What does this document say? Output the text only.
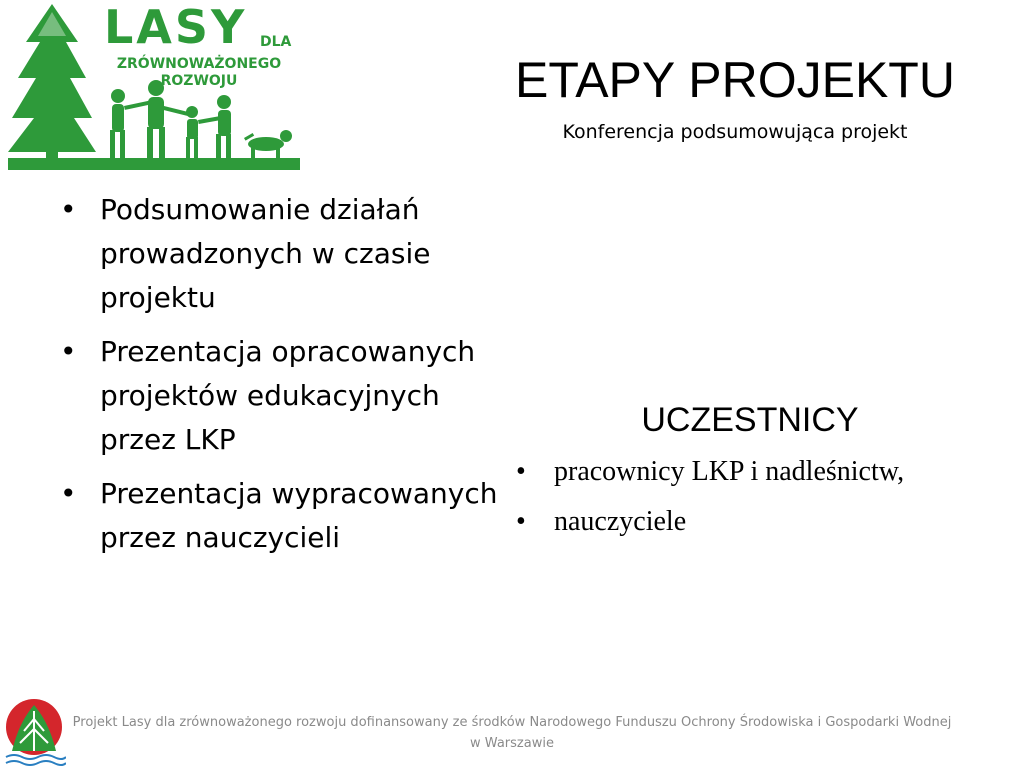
LASY DLA
ZRÓWNOWAŻONEGO
ROZWOJU	ETAPY PROJEKTU
Konferencja podsumowująca projekt
• Podsumowanie działań prowadzonych w czasie projektu
• Prezentacja opracowanych projektów edukacyjnych przez LKP
• Prezentacja wypracowanych przez nauczycieli
UCZESTNICY
• pracownicy LKP i nadleśnictw,
• nauczyciele
Projekt Lasy dla zrównoważonego rozwoju dofinansowany ze środków Narodowego Funduszu Ochrony Środowiska i Gospodarki Wodnej w Warszawie
